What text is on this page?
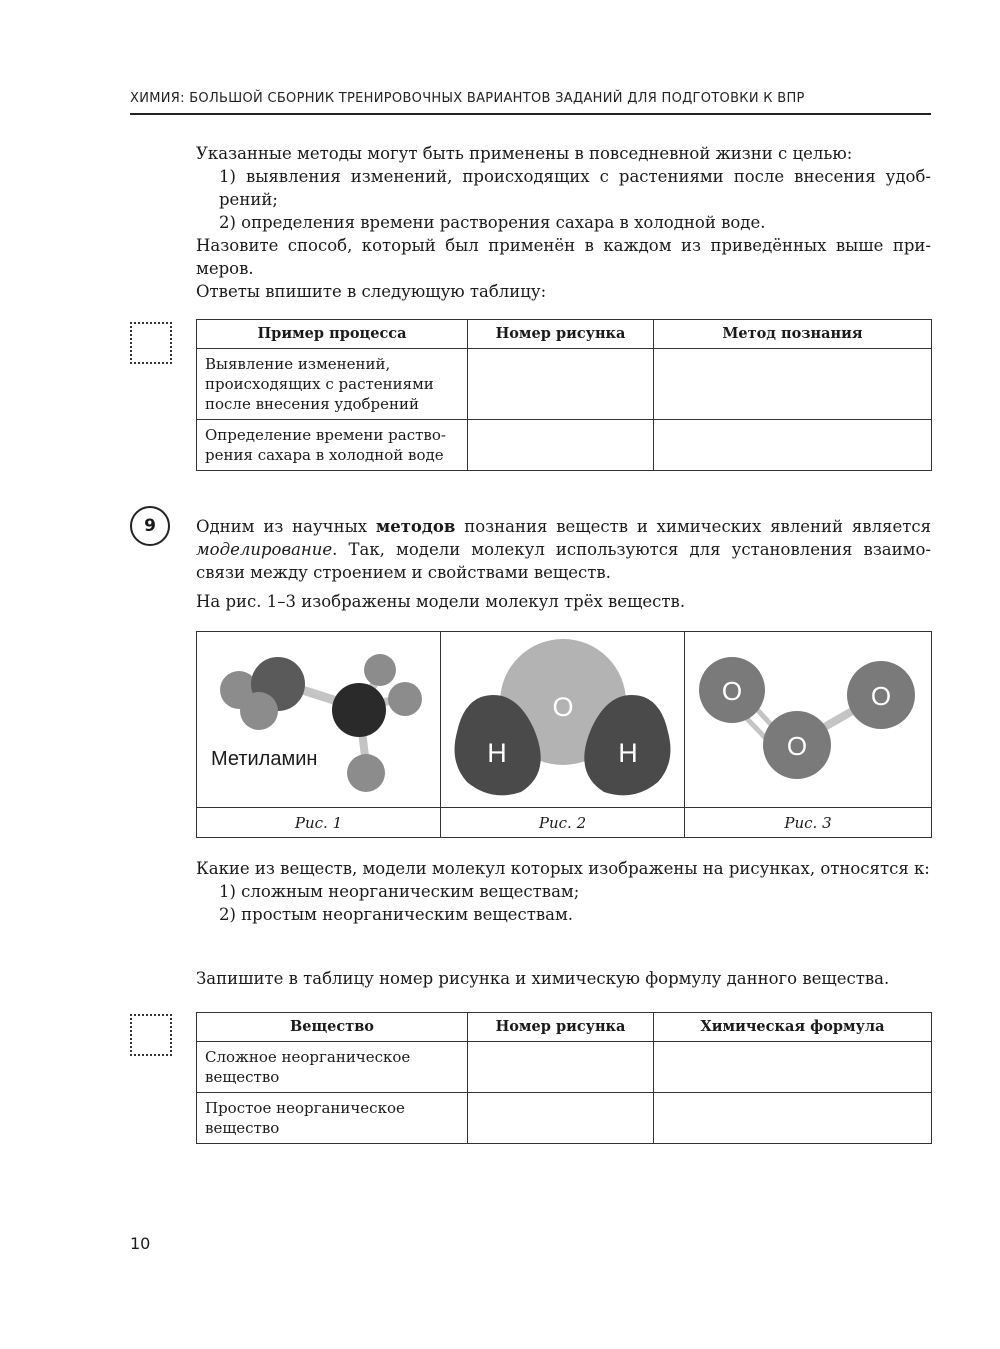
ХИМИЯ: БОЛЬШОЙ СБОРНИК ТРЕНИРОВОЧНЫХ ВАРИАНТОВ ЗАДАНИЙ ДЛЯ ПОДГОТОВКИ К ВПР

Указанные методы могут быть применены в повседневной жизни с целью:

1) выявления изменений, происходящих с растениями после внесения удобрений;

2) определения времени растворения сахара в холодной воде.

Назовите способ, который был применён в каждом из приведённых выше примеров.

Ответы впишите в следующую таблицу:

Пример процесса	Номер рисунка	Метод познания
Выявление изменений, происходящих с растениями после внесения удобрений		
Определение времени растворения сахара в холодной воде		
9	Одним из научных методов познания веществ и химических явлений является моделирование. Так, модели молекул используются для установления взаимосвязи между строением и свойствами веществ.

На рис. 1–3 изображены модели молекул трёх веществ.

Метиламин	O
H H	O
O
O

Рис. 1	Рис. 2	Рис. 3

Какие из веществ, модели молекул которых изображены на рисунках, относятся к:

1) сложным неорганическим веществам;

2) простым неорганическим веществам.

Запишите в таблицу номер рисунка и химическую формулу данного вещества.

Вещество	Номер рисунка	Химическая формула
Сложное неорганическое вещество		
Простое неорганическое вещество		
10
